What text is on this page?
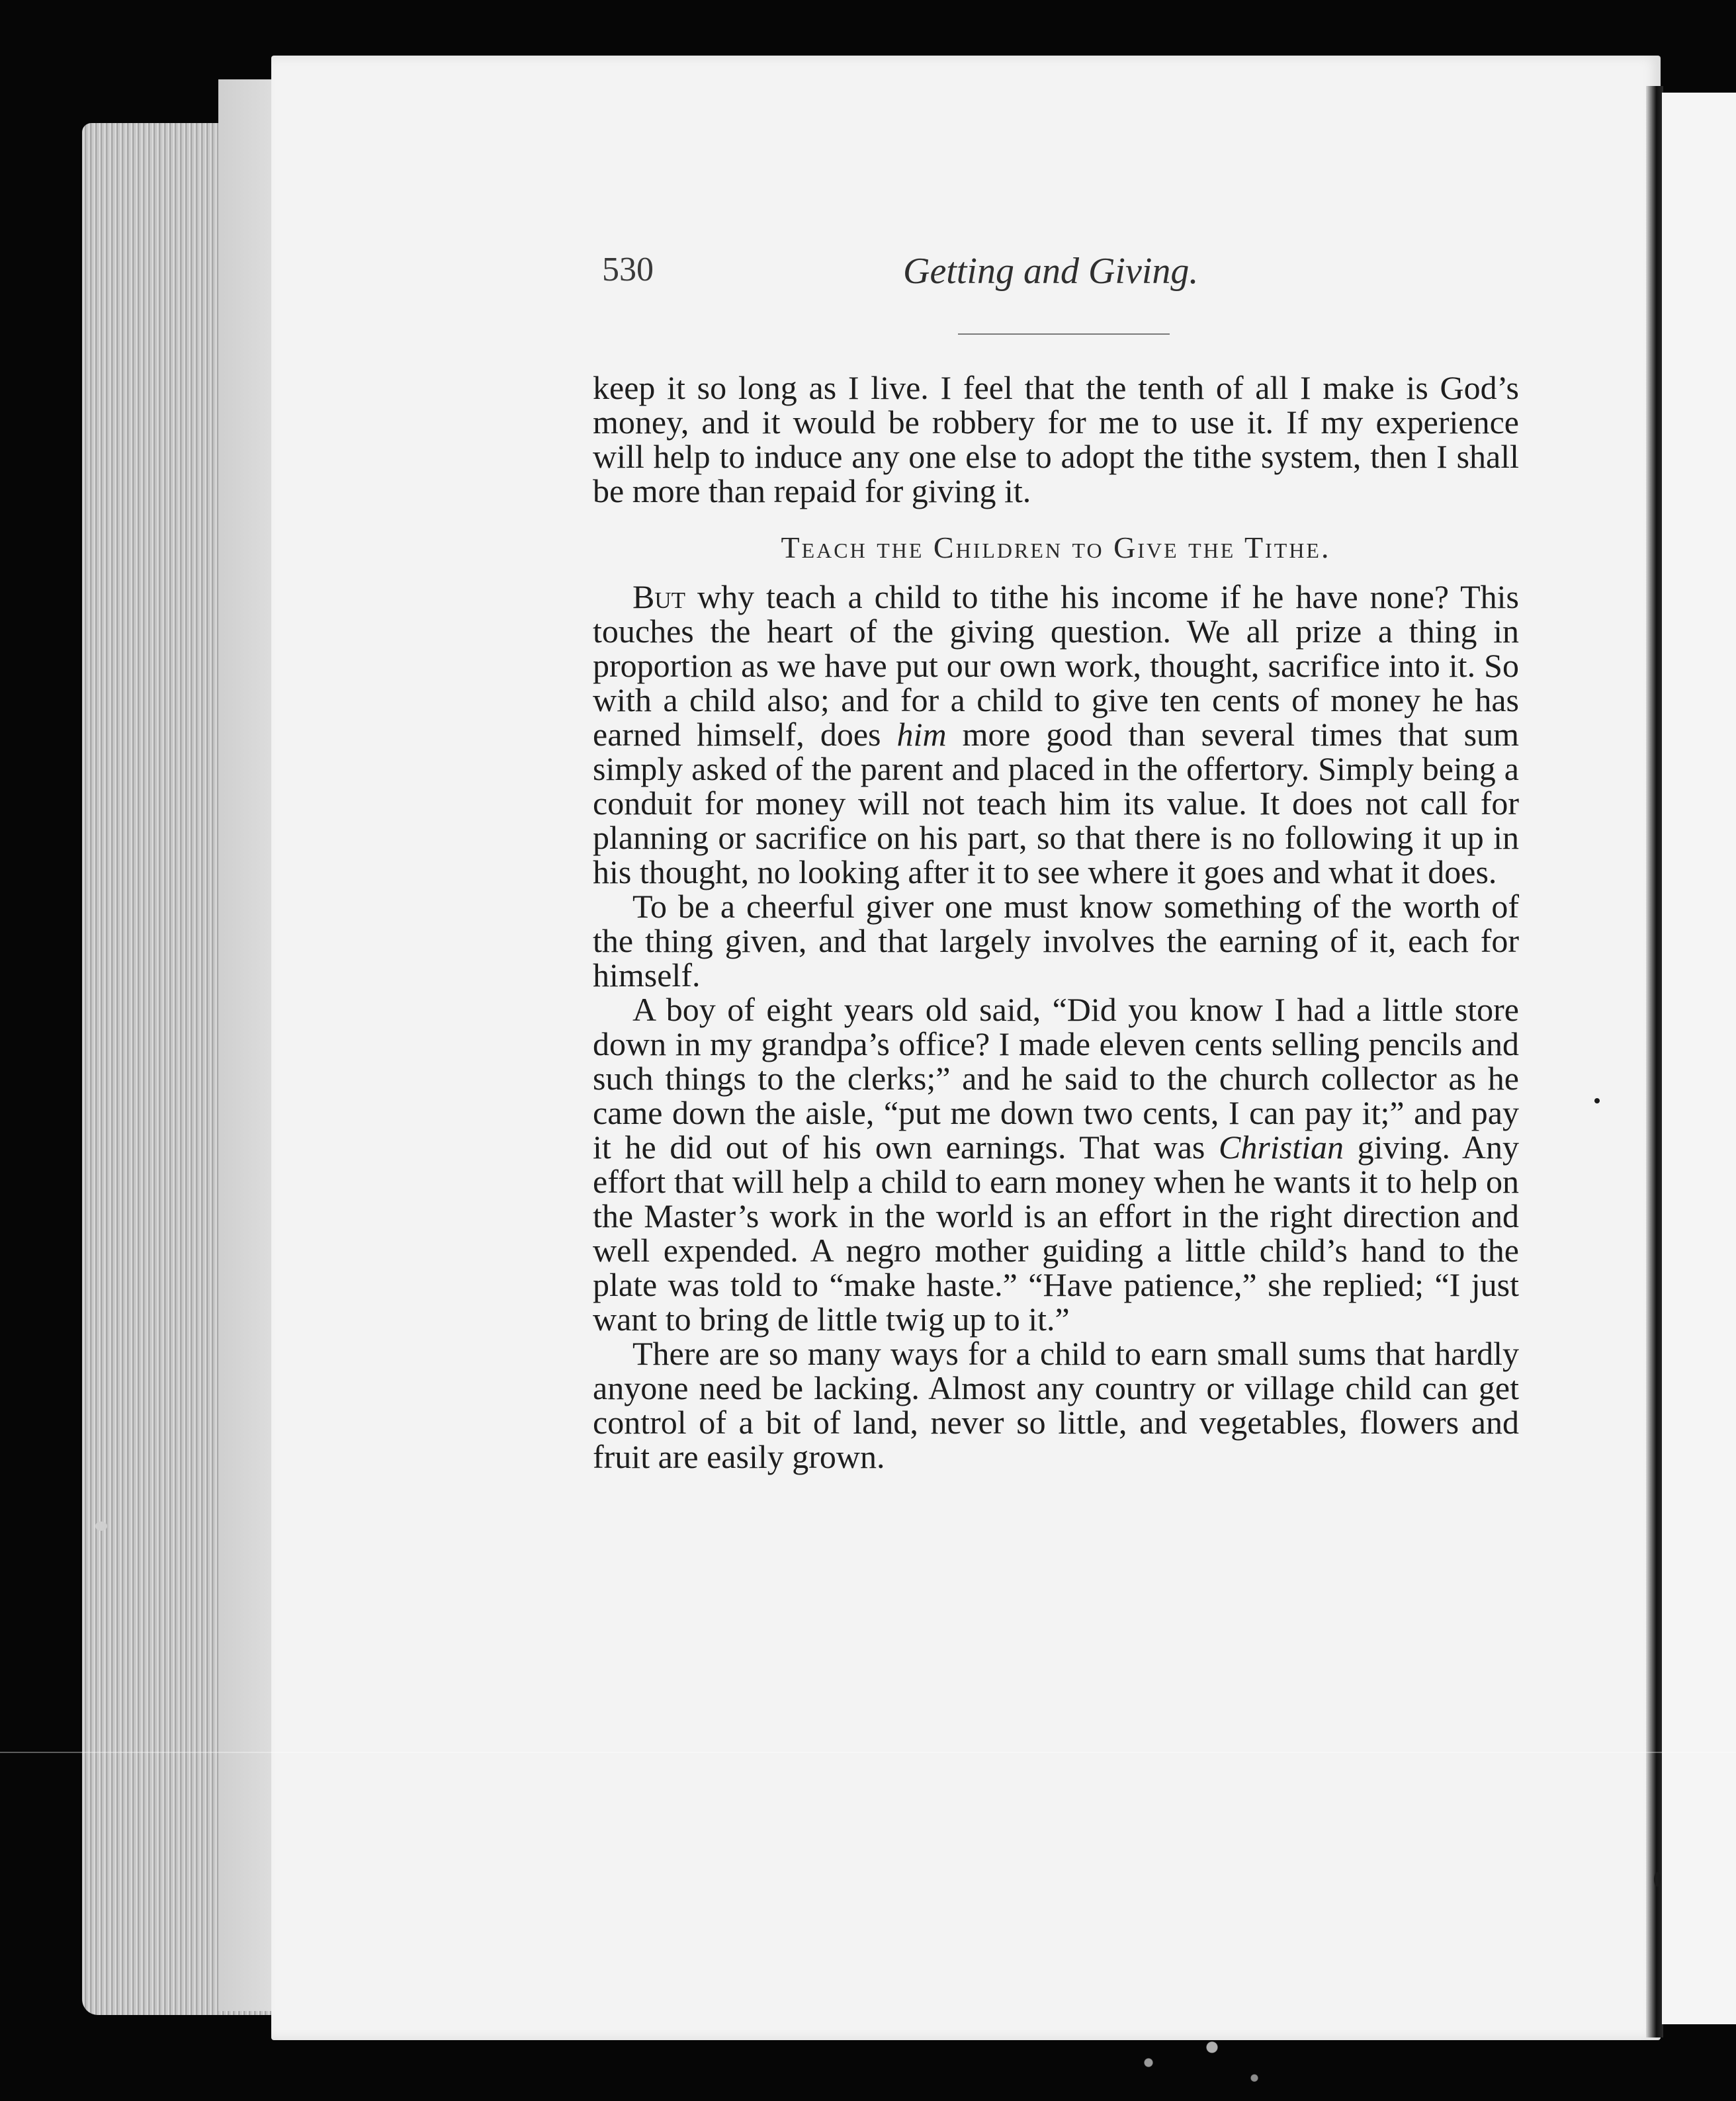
530	Getting and Giving.

keep it so long as I live. I feel that the tenth of all I make is God’s money, and it would be robbery for me to use it. If my experience will help to induce any one else to adopt the tithe system, then I shall be more than repaid for giving it.

Teach the Children to Give the Tithe.

But why teach a child to tithe his income if he have none? This touches the heart of the giving question. We all prize a thing in proportion as we have put our own work, thought, sacrifice into it. So with a child also; and for a child to give ten cents of money he has earned himself, does him more good than several times that sum simply asked of the parent and placed in the offertory. Simply being a conduit for money will not teach him its value. It does not call for planning or sacrifice on his part, so that there is no following it up in his thought, no looking after it to see where it goes and what it does.

To be a cheerful giver one must know something of the worth of the thing given, and that largely involves the earning of it, each for himself.

A boy of eight years old said, “Did you know I had a little store down in my grandpa’s office? I made eleven cents selling pencils and such things to the clerks;” and he said to the church collector as he came down the aisle, “put me down two cents, I can pay it;” and pay it he did out of his own earnings. That was Christian giving. Any effort that will help a child to earn money when he wants it to help on the Master’s work in the world is an effort in the right direction and well expended. A negro mother guiding a little child’s hand to the plate was told to “make haste.” “Have patience,” she replied; “I just want to bring de little twig up to it.”

There are so many ways for a child to earn small sums that hardly anyone need be lacking. Almost any country or village child can get control of a bit of land, never so little, and vegetables, flowers and fruit are easily grown.
